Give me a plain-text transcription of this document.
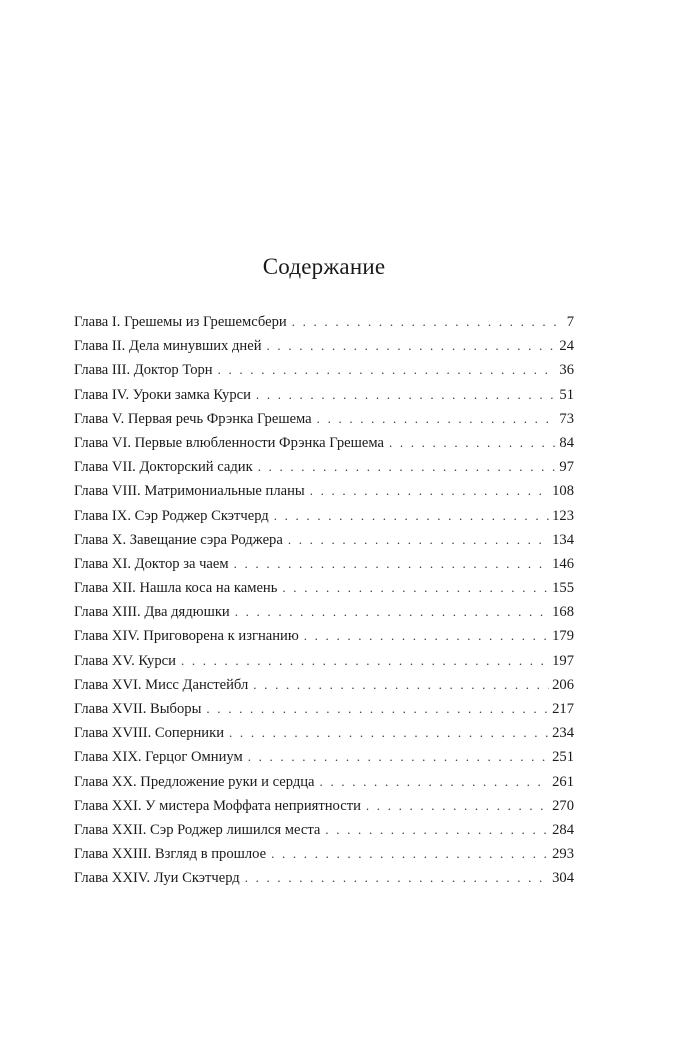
Содержание
Глава I. Грешемы из Грешемсбери . . .	7
Глава II. Дела минувших дней . . .	24
Глава III. Доктор Торн . . .	36
Глава IV. Уроки замка Курси . . .	51
Глава V. Первая речь Фрэнка Грешема . . .	73
Глава VI. Первые влюбленности Фрэнка Грешема . . .	84
Глава VII. Докторский садик . . .	97
Глава VIII. Матримониальные планы . . .	108
Глава IX. Сэр Роджер Скэтчерд . . .	123
Глава X. Завещание сэра Роджера . . .	134
Глава XI. Доктор за чаем . . .	146
Глава XII. Нашла коса на камень . . .	155
Глава XIII. Два дядюшки . . .	168
Глава XIV. Приговорена к изгнанию . . .	179
Глава XV. Курси . . .	197
Глава XVI. Мисс Данстейбл . . .	206
Глава XVII. Выборы . . .	217
Глава XVIII. Соперники . . .	234
Глава XIX. Герцог Омниум . . .	251
Глава XX. Предложение руки и сердца . . .	261
Глава XXI. У мистера Моффата неприятности . . .	270
Глава XXII. Сэр Роджер лишился места . . .	284
Глава XXIII. Взгляд в прошлое . . .	293
Глава XXIV. Луи Скэтчерд . . .	304
